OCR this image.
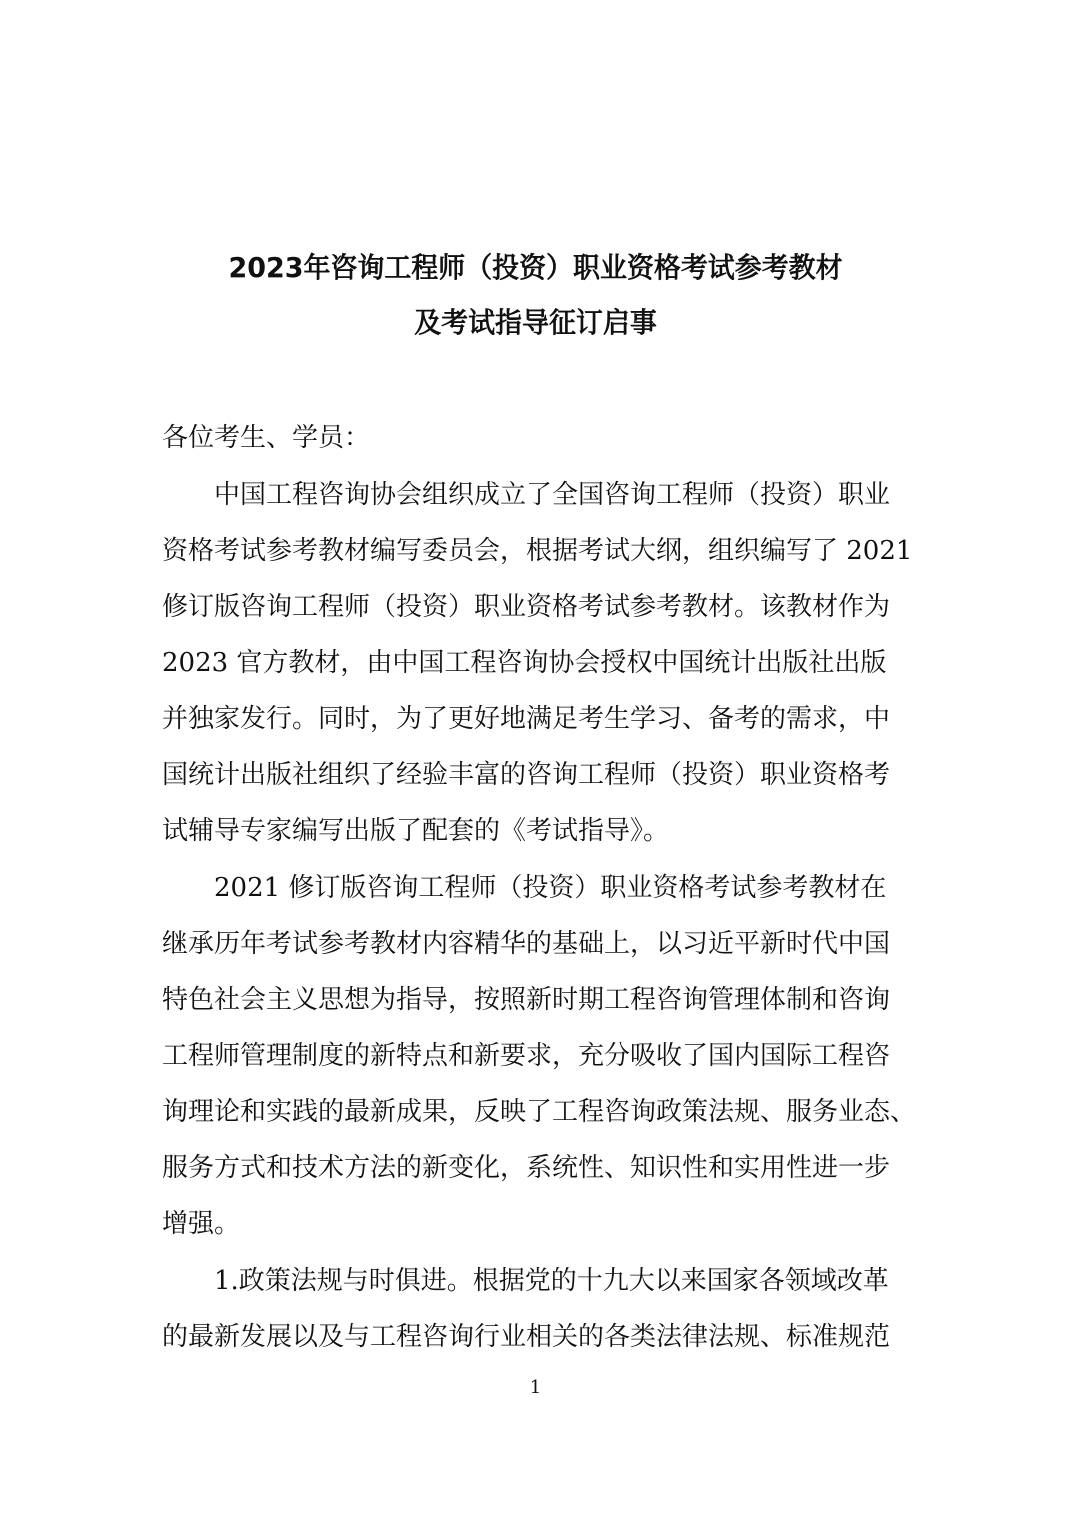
2023年咨询工程师（投资）职业资格考试参考教材
及考试指导征订启事
各位考生、学员：
中国工程咨询协会组织成立了全国咨询工程师（投资）职业
资格考试参考教材编写委员会，根据考试大纲，组织编写了 2021
修订版咨询工程师（投资）职业资格考试参考教材。该教材作为
2023 官方教材，由中国工程咨询协会授权中国统计出版社出版
并独家发行。同时，为了更好地满足考生学习、备考的需求，中
国统计出版社组织了经验丰富的咨询工程师（投资）职业资格考
试辅导专家编写出版了配套的《考试指导》。
2021 修订版咨询工程师（投资）职业资格考试参考教材在
继承历年考试参考教材内容精华的基础上，以习近平新时代中国
特色社会主义思想为指导，按照新时期工程咨询管理体制和咨询
工程师管理制度的新特点和新要求，充分吸收了国内国际工程咨
询理论和实践的最新成果，反映了工程咨询政策法规、服务业态、
服务方式和技术方法的新变化，系统性、知识性和实用性进一步
增强。
1.政策法规与时俱进。根据党的十九大以来国家各领域改革
的最新发展以及与工程咨询行业相关的各类法律法规、标准规范
1
